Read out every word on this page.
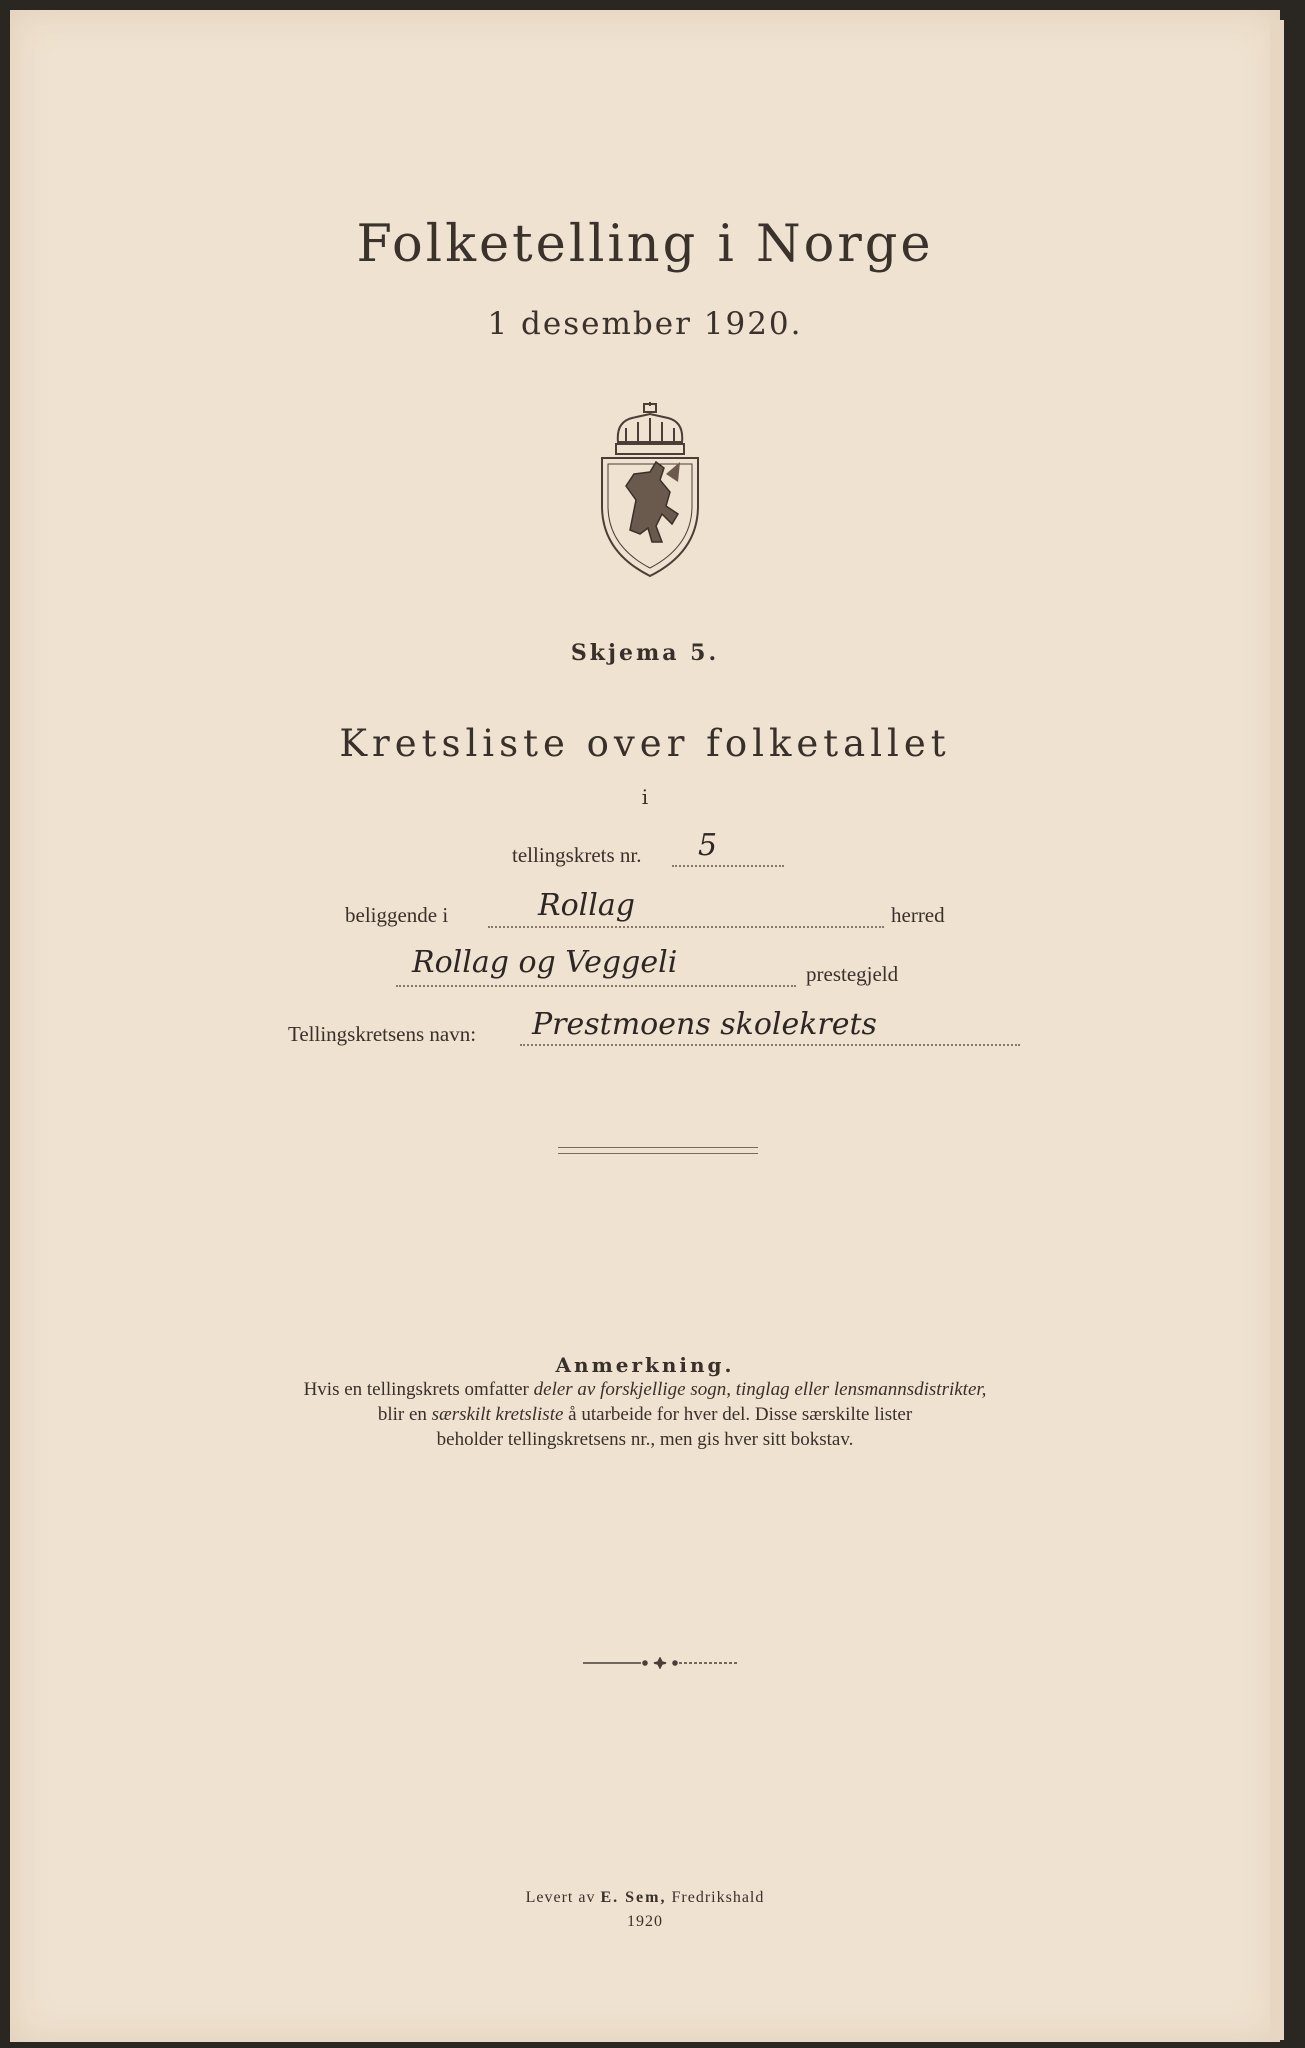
Folketelling i Norge
1 desember 1920.
Skjema 5.
Kretsliste over folketallet
i
tellingskrets nr. 5
beliggende i	Rollag	herred
Rollag og Veggeli	prestegjeld
Tellingskretsens navn: Prestmoens skolekrets
Anmerkning.
Hvis en tellingskrets omfatter deler av forskjellige sogn, tinglag eller lensmannsdistrikter,
blir en særskilt kretsliste å utarbeide for hver del. Disse særskilte lister
beholder tellingskretsens nr., men gis hver sitt bokstav.
Levert av E. Sem, Fredrikshald
1920
